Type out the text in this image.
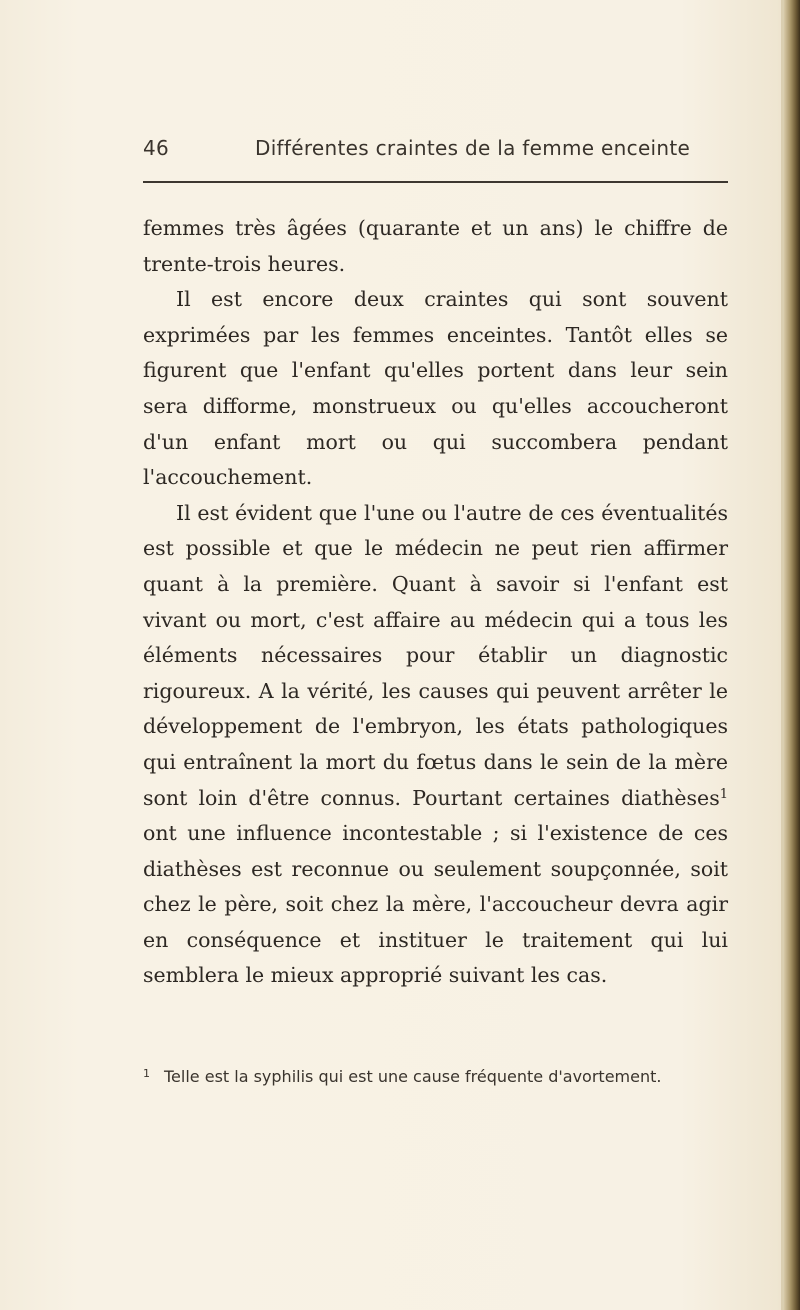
46	Différentes craintes de la femme enceinte

femmes très âgées (quarante et un ans) le chiffre de trente-trois heures.

Il est encore deux craintes qui sont souvent exprimées par les femmes enceintes. Tantôt elles se figurent que l'enfant qu'elles portent dans leur sein sera difforme, monstrueux ou qu'elles accoucheront d'un enfant mort ou qui succombera pendant l'accouchement.

Il est évident que l'une ou l'autre de ces éventualités est possible et que le médecin ne peut rien affirmer quant à la première. Quant à savoir si l'enfant est vivant ou mort, c'est affaire au médecin qui a tous les éléments nécessaires pour établir un diagnostic rigoureux. A la vérité, les causes qui peuvent arrêter le développement de l'embryon, les états pathologiques qui entraînent la mort du fœtus dans le sein de la mère sont loin d'être connus. Pourtant certaines diathèses$^1$ ont une influence incontestable ; si l'existence de ces diathèses est reconnue ou seulement soupçonnée, soit chez le père, soit chez la mère, l'accoucheur devra agir en conséquence et instituer le traitement qui lui semblera le mieux approprié suivant les cas.

$^1$ Telle est la syphilis qui est une cause fréquente d'avortement.
